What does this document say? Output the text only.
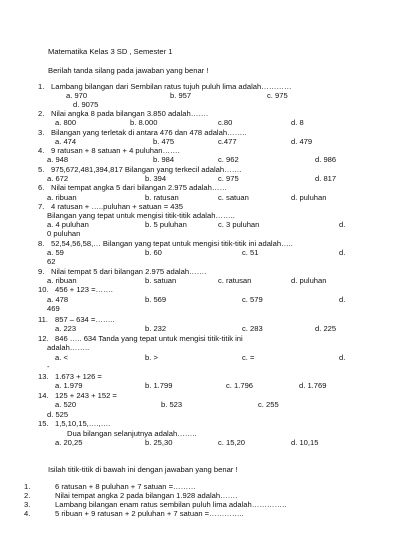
Matematika Kelas 3 SD , Semester 1
Berilah tanda silang pada jawaban yang benar !
1. Lambang bilangan dari Sembilan ratus tujuh puluh lima adalah…………
a. 970	b. 957	c. 975
d. 9075
2. Nilai angka 8 pada bilangan 3.850 adalah…….
a. 800	b. 8.000	c.80	d. 8
3. Bilangan yang terletak di antara 476 dan 478 adalah……..
a. 474	b. 475	c.477	d. 479
4. 9 ratusan + 8 satuan + 4 puluhan…….
a. 948	b. 984	c. 962	d. 986
5. 975,672,481,394,817 Bilangan yang terkecil adalah…….
a. 672	b. 394	c. 975	d. 817
6. Nilai tempat angka 5 dari bilangan 2.975 adalah……
a. ribuan	b. ratusan	c. satuan	d. puluhan
7. 4 ratusan + …..puluhan + satuan = 435
Bilangan yang tepat untuk mengisi titik-titik adalah……..
a. 4 puluhan	b. 5 puluhan	c. 3 puluhan	d.
0 puluhan
8. 52,54,56,58,… Bilangan yang tepat untuk mengisi titik-titik ini adalah…..
a. 59	b. 60	c. 51	d.
62
9. Nilai tempat 5 dari bilangan 2.975 adalah…….
a. ribuan	b. satuan	c. ratusan	d. puluhan
10. 456 + 123 =…….
a. 478	b. 569	c. 579	d.
469
11. 857 – 634 =……..
a. 223	b. 232	c. 283	d. 225
12. 846 ….. 634 Tanda yang tepat untuk mengisi titik-titik ini
adalah……..
a. <	b. >	c. =	d.
-
13. 1.673 + 126 =
a. 1.979	b. 1.799	c. 1.796	d. 1.769
14. 125 + 243 + 152 =
a. 520	b. 523	c. 255
d. 525
15. 1,5,10,15,….,….
Dua bilangan selanjutnya adalah……..
a. 20,25	b. 25,30	c. 15,20	d. 10,15
Isilah titik-titik di bawah ini dengan jawaban yang benar !
1.	6 ratusan + 8 puluhan + 7 satuan =………
2.	Nilai tempat angka 2 pada bilangan 1.928 adalah…….
3.	Lambang bilangan enam ratus sembilan puluh lima adalah…………..
4.	5 ribuan + 9 ratusan + 2 puluhan + 7 satuan =…………..
